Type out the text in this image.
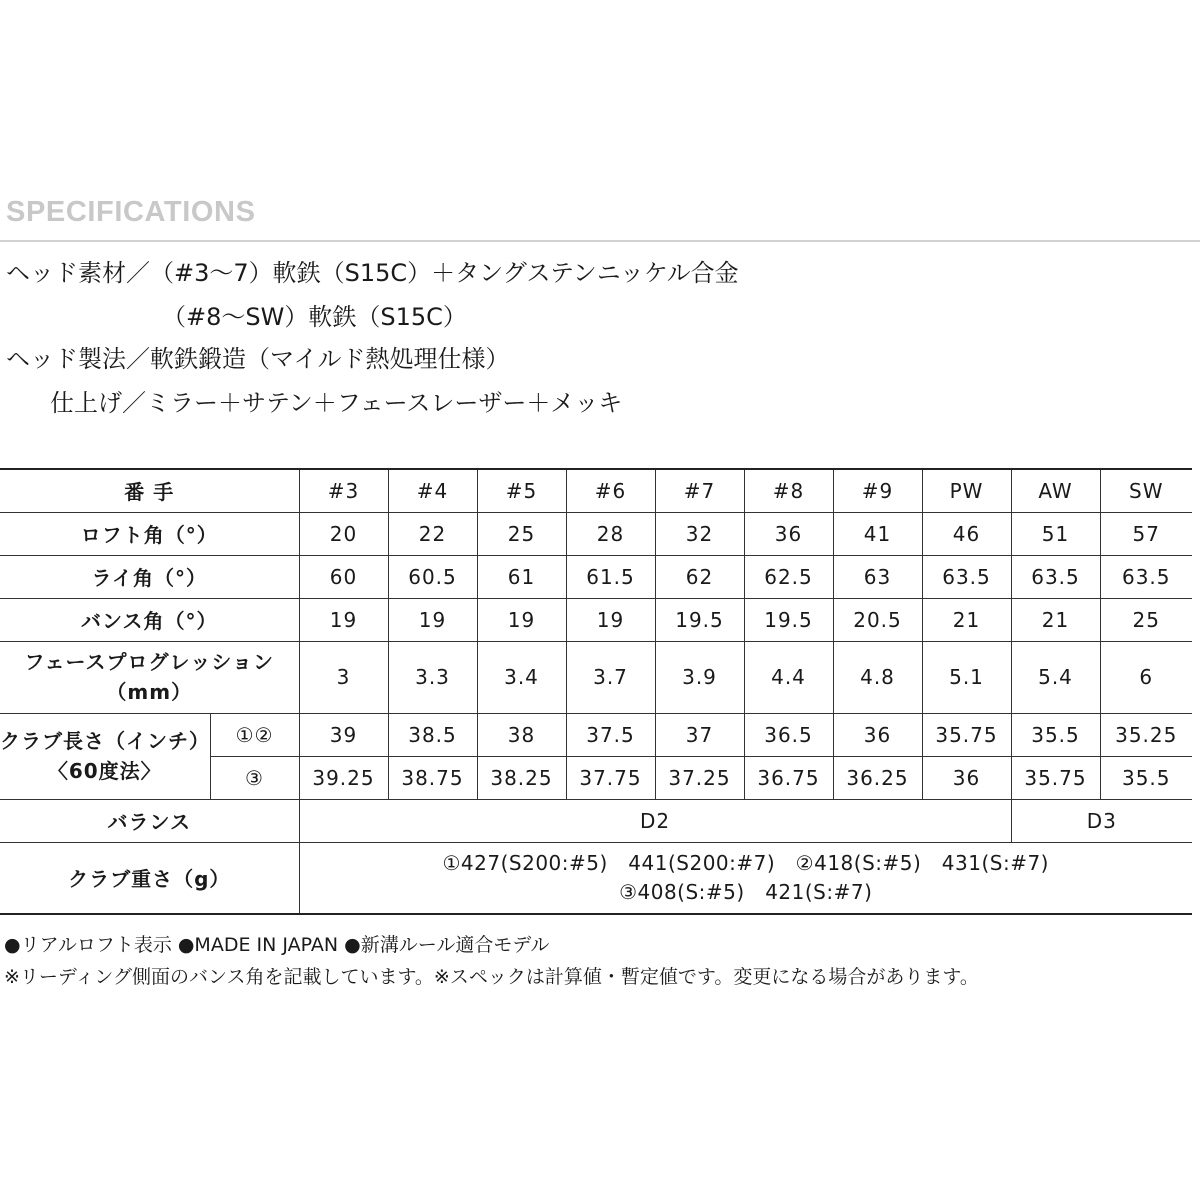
SPECIFICATIONS
ヘッド素材／（#3〜7）軟鉄（S15C）＋タングステンニッケル合金
（#8〜SW）軟鉄（S15C）
ヘッド製法／軟鉄鍛造（マイルド熱処理仕様）
仕上げ／ミラー＋サテン＋フェースレーザー＋メッキ
番 手		#3	#4	#5	#6	#7	#8	#9	PW	AW	SW
ロフト角（°）		20	22	25	28	32	36	41	46	51	57
ライ角（°）		60	60.5	61	61.5	62	62.5	63	63.5	63.5	63.5
バンス角（°）		19	19	19	19	19.5	19.5	20.5	21	21	25

フェースプログレッション
（mm）		3	3.3	3.4	3.7	3.9	4.4	4.8	5.1	5.4	6

クラブ長さ（インチ）
〈60度法〉	①②	39	38.5	38	37.5	37	36.5	36	35.75	35.5	35.25
	③	39.25	38.75	38.25	37.75	37.25	36.75	36.25	36	35.75	35.5
バランス		D2								D3	
クラブ重さ（g）		①427(S200:#5)　441(S200:#7)　②418(S:#5)　431(S:#7)
③408(S:#5)　421(S:#7)									
●リアルロフト表示 ●MADE IN JAPAN ●新溝ルール適合モデル
※リーディング側面のバンス角を記載しています。※スペックは計算値・暫定値です。変更になる場合があります。
